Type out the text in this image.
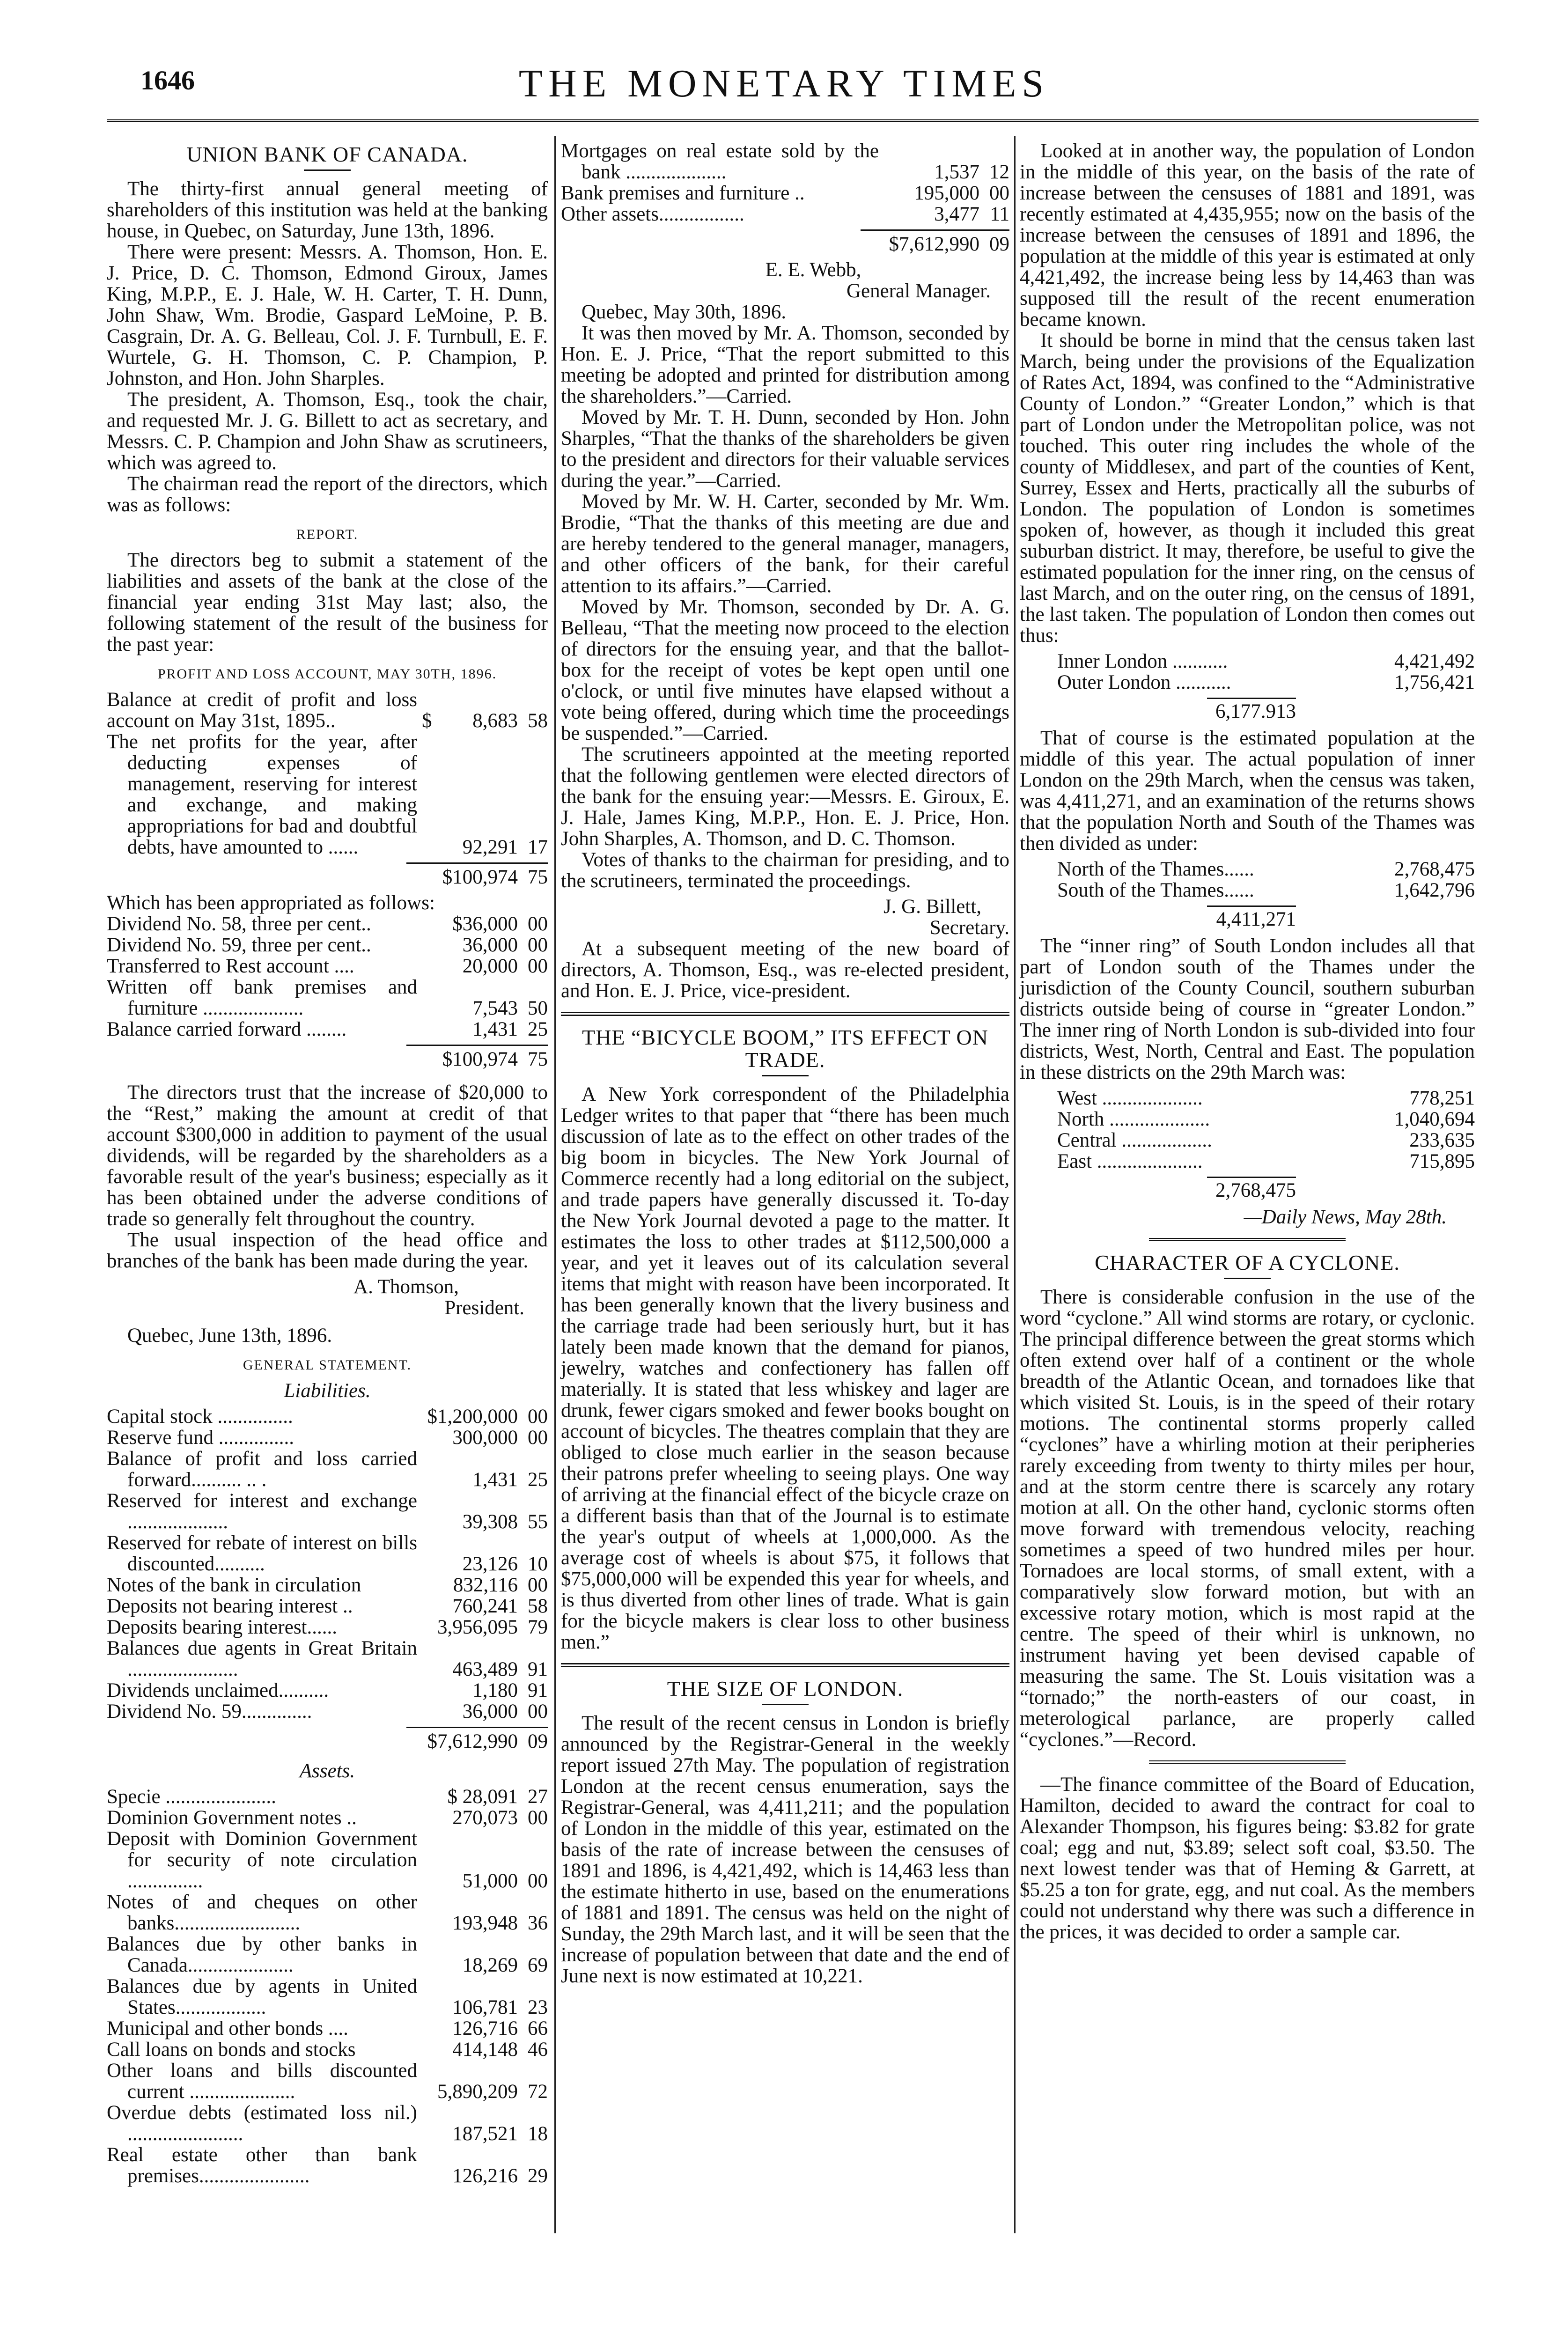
1646	THE MONETARY TIMES
UNION BANK OF CANADA.

The thirty-first annual general meeting of shareholders of this institution was held at the banking house, in Quebec, on Saturday, June 13th, 1896.

There were present: Messrs. A. Thomson, Hon. E. J. Price, D. C. Thomson, Edmond Giroux, James King, M.P.P., E. J. Hale, W. H. Carter, T. H. Dunn, John Shaw, Wm. Brodie, Gaspard LeMoine, P. B. Casgrain, Dr. A. G. Belleau, Col. J. F. Turnbull, E. F. Wurtele, G. H. Thomson, C. P. Champion, P. Johnston, and Hon. John Sharples.

The president, A. Thomson, Esq., took the chair, and requested Mr. J. G. Billett to act as secretary, and Messrs. C. P. Champion and John Shaw as scrutineers, which was agreed to.

The chairman read the report of the directors, which was as follows:

REPORT.

The directors beg to submit a statement of the liabilities and assets of the bank at the close of the financial year ending 31st May last; also, the following statement of the result of the business for the past year:

PROFIT AND LOSS ACCOUNT, MAY 30TH, 1896.
Balance at credit of profit and loss account on May 31st, 1895..	$	8,683 58
The net profits for the year, after deducting expenses of management, reserving for interest and exchange, and making appropriations for bad and doubtful debts, have amounted to ......	92,291 17
$100,974 75
Which has been appropriated as follows:
Dividend No. 58, three per cent..	$36,000 00
Dividend No. 59, three per cent..	36,000 00
Transferred to Rest account ....	20,000 00
Written off bank premises and furniture ....................	7,543 50
Balance carried forward ........	1,431 25
$100,974 75

The directors trust that the increase of $20,000 to the “Rest,” making the amount at credit of that account $300,000 in addition to payment of the usual dividends, will be regarded by the shareholders as a favorable result of the year's business; especially as it has been obtained under the adverse conditions of trade so generally felt throughout the country.

The usual inspection of the head office and branches of the bank has been made during the year.

A. Thomson,
President.

Quebec, June 13th, 1896.

GENERAL STATEMENT.
Liabilities.
Capital stock ...............	$1,200,000 00
Reserve fund ...............	300,000 00
Balance of profit and loss carried forward.......... .. .	1,431 25
Reserved for interest and exchange ....................	39,308 55
Reserved for rebate of interest on bills discounted..........	23,126 10
Notes of the bank in circulation	832,116 00
Deposits not bearing interest ..	760,241 58
Deposits bearing interest......	3,956,095 79
Balances due agents in Great Britain ......................	463,489 91
Dividends unclaimed..........	1,180 91
Dividend No. 59..............	36,000 00
$7,612,990 09
Assets.
Specie ......................	$ 28,091 27
Dominion Government notes ..	270,073 00
Deposit with Dominion Government for security of note circulation ...............	51,000 00
Notes of and cheques on other banks.........................	193,948 36
Balances due by other banks in Canada.....................	18,269 69
Balances due by agents in United States..................	106,781 23
Municipal and other bonds ....	126,716 66
Call loans on bonds and stocks	414,148 46
Other loans and bills discounted current .....................	5,890,209 72
Overdue debts (estimated loss nil.) .......................	187,521 18
Real estate other than bank premises......................	126,216 29
Mortgages on real estate sold by the bank ....................	1,537 12
Bank premises and furniture ..	195,000 00
Other assets.................	3,477 11
$7,612,990 09
E. E. Webb,
General Manager.

Quebec, May 30th, 1896.

It was then moved by Mr. A. Thomson, seconded by Hon. E. J. Price, “That the report submitted to this meeting be adopted and printed for distribution among the shareholders.”—Carried.

Moved by Mr. T. H. Dunn, seconded by Hon. John Sharples, “That the thanks of the shareholders be given to the president and directors for their valuable services during the year.”—Carried.

Moved by Mr. W. H. Carter, seconded by Mr. Wm. Brodie, “That the thanks of this meeting are due and are hereby tendered to the general manager, managers, and other officers of the bank, for their careful attention to its affairs.”—Carried.

Moved by Mr. Thomson, seconded by Dr. A. G. Belleau, “That the meeting now proceed to the election of directors for the ensuing year, and that the ballot-box for the receipt of votes be kept open until one o'clock, or until five minutes have elapsed without a vote being offered, during which time the proceedings be suspended.”—Carried.

The scrutineers appointed at the meeting reported that the following gentlemen were elected directors of the bank for the ensuing year:—Messrs. E. Giroux, E. J. Hale, James King, M.P.P., Hon. E. J. Price, Hon. John Sharples, A. Thomson, and D. C. Thomson.

Votes of thanks to the chairman for presiding, and to the scrutineers, terminated the proceedings.

J. G. Billett,
Secretary.

At a subsequent meeting of the new board of directors, A. Thomson, Esq., was re-elected president, and Hon. E. J. Price, vice-president.

THE “BICYCLE BOOM,” ITS EFFECT ON TRADE.

A New York correspondent of the Philadelphia Ledger writes to that paper that “there has been much discussion of late as to the effect on other trades of the big boom in bicycles. The New York Journal of Commerce recently had a long editorial on the subject, and trade papers have generally discussed it. To-day the New York Journal devoted a page to the matter. It estimates the loss to other trades at $112,500,000 a year, and yet it leaves out of its calculation several items that might with reason have been incorporated. It has been generally known that the livery business and the carriage trade had been seriously hurt, but it has lately been made known that the demand for pianos, jewelry, watches and confectionery has fallen off materially. It is stated that less whiskey and lager are drunk, fewer cigars smoked and fewer books bought on account of bicycles. The theatres complain that they are obliged to close much earlier in the season because their patrons prefer wheeling to seeing plays. One way of arriving at the financial effect of the bicycle craze on a different basis than that of the Journal is to estimate the year's output of wheels at 1,000,000. As the average cost of wheels is about $75, it follows that $75,000,000 will be expended this year for wheels, and is thus diverted from other lines of trade. What is gain for the bicycle makers is clear loss to other business men.”

THE SIZE OF LONDON.

The result of the recent census in London is briefly announced by the Registrar-General in the weekly report issued 27th May. The population of registration London at the recent census enumeration, says the Registrar-General, was 4,411,211; and the population of London in the middle of this year, estimated on the basis of the rate of increase between the censuses of 1891 and 1896, is 4,421,492, which is 14,463 less than the estimate hitherto in use, based on the enumerations of 1881 and 1891. The census was held on the night of Sunday, the 29th March last, and it will be seen that the increase of population between that date and the end of June next is now estimated at 10,221.

Looked at in another way, the population of London in the middle of this year, on the basis of the rate of increase between the censuses of 1881 and 1891, was recently estimated at 4,435,955; now on the basis of the increase between the censuses of 1891 and 1896, the population at the middle of this year is estimated at only 4,421,492, the increase being less by 14,463 than was supposed till the result of the recent enumeration became known.

It should be borne in mind that the census taken last March, being under the provisions of the Equalization of Rates Act, 1894, was confined to the “Administrative County of London.” “Greater London,” which is that part of London under the Metropolitan police, was not touched. This outer ring includes the whole of the county of Middlesex, and part of the counties of Kent, Surrey, Essex and Herts, practically all the suburbs of London. The population of London is sometimes spoken of, however, as though it included this great suburban district. It may, therefore, be useful to give the estimated population for the inner ring, on the census of last March, and on the outer ring, on the census of 1891, the last taken. The population of London then comes out thus:

Inner London ...........	4,421,492
Outer London ...........	1,756,421
6,177.913

That of course is the estimated population at the middle of this year. The actual population of inner London on the 29th March, when the census was taken, was 4,411,271, and an examination of the returns shows that the population North and South of the Thames was then divided as under:

North of the Thames......	2,768,475
South of the Thames......	1,642,796
4,411,271

The “inner ring” of South London includes all that part of London south of the Thames under the jurisdiction of the County Council, southern suburban districts outside being of course in “greater London.” The inner ring of North London is sub-divided into four districts, West, North, Central and East. The population in these districts on the 29th March was:

West ....................	778,251
North ....................	1,040,694
Central ..................	233,635
East .....................	715,895
2,768,475
—Daily News, May 28th.
CHARACTER OF A CYCLONE.

There is considerable confusion in the use of the word “cyclone.” All wind storms are rotary, or cyclonic. The principal difference between the great storms which often extend over half of a continent or the whole breadth of the Atlantic Ocean, and tornadoes like that which visited St. Louis, is in the speed of their rotary motions. The continental storms properly called “cyclones” have a whirling motion at their peripheries rarely exceeding from twenty to thirty miles per hour, and at the storm centre there is scarcely any rotary motion at all. On the other hand, cyclonic storms often move forward with tremendous velocity, reaching sometimes a speed of two hundred miles per hour. Tornadoes are local storms, of small extent, with a comparatively slow forward motion, but with an excessive rotary motion, which is most rapid at the centre. The speed of their whirl is unknown, no instrument having yet been devised capable of measuring the same. The St. Louis visitation was a “tornado;” the north-easters of our coast, in meterological parlance, are properly called “cyclones.”—Record.

—The finance committee of the Board of Education, Hamilton, decided to award the contract for coal to Alexander Thompson, his figures being: $3.82 for grate coal; egg and nut, $3.89; select soft coal, $3.50. The next lowest tender was that of Heming & Garrett, at $5.25 a ton for grate, egg, and nut coal. As the members could not understand why there was such a difference in the prices, it was decided to order a sample car.
